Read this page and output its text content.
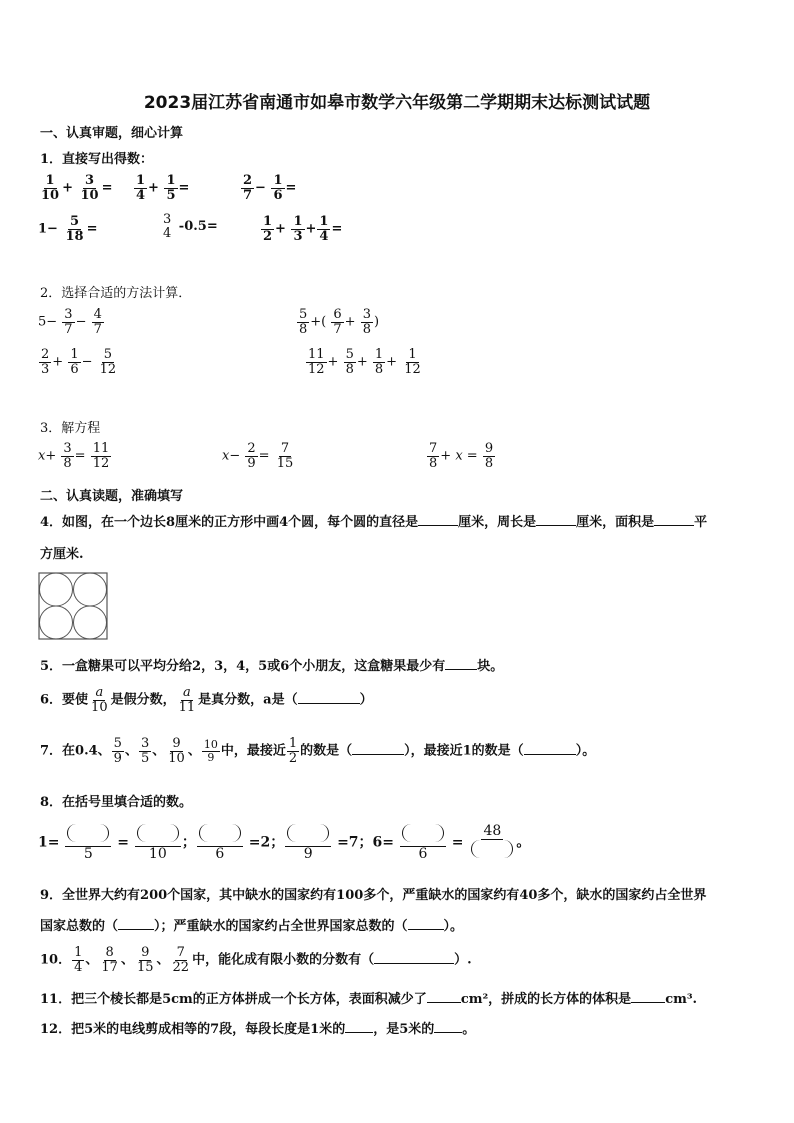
2023届江苏省南通市如皋市数学六年级第二学期期末达标测试试题
一、认真审题，细心计算
1．直接写出得数：
$\frac{1}{10} + \frac{3}{10} = \frac{1}{4} + \frac{1}{5}$ =	$\frac{2}{7} - \frac{1}{6}$ =
$1- \frac{5}{18}$ =
3
4 -0.5=	$\frac{1}{2} + \frac{1}{3} + \frac{1}{4}$ =
2．选择合适的方法计算．
$5- \frac{3}{7} - \frac{4}{7}$	$\frac{5}{8}$ +( $\frac{6}{7} + \frac{3}{8}$ )
$\frac{2}{3} + \frac{1}{6} - \frac{5}{12}$	$\frac{11}{12} + \frac{5}{8} + \frac{1}{8} + \frac{1}{12}$
3．解方程
$x+ \frac{3}{8} = \frac{11}{12}$	$x- \frac{2}{9} = \frac{7}{15}$	$\frac{7}{8} + x = \frac{9}{8}$
二、认真读题，准确填写
4．如图，在一个边长8厘米的正方形中画4个圆，每个圆的直径是	厘米，周长是	厘米，面积是	平
方厘米.
5．一盒糖果可以平均分给2，3，4，5或6个小朋友，这盒糖果最少有 块。
6．要使 $\frac{a}{10}$ 是假分数， $\frac{a}{11}$ 是真分数，a是（	）
7．在0.4、 $\frac{5}{9}$ 、 $\frac{3}{5}$ 、 $\frac{9}{10}$ 、 $\frac{10}{9}$ 中，最接近 $\frac{1}{2}$ 的数是（	），最接近1的数是（	）。
8．在括号里填合适的数。
1=
5
=
10
；
6
=2；
9
=7；6=
6
=
48
。
9．全世界大约有200个国家，其中缺水的国家约有100多个，严重缺水的国家约有40多个，缺水的国家约占全世界
国家总数的（	）；严重缺水的国家约占全世界国家总数的（	）。
10． $\frac{1}{4}$ 、 $\frac{8}{17}$ 、 $\frac{9}{15}$ 、 $\frac{7}{22}$ 中，能化成有限小数的分数有（	）.
11．把三个棱长都是5cm的正方体拼成一个长方体，表面积减少了	cm²，拼成的长方体的体积是	cm³.
12．把5米的电线剪成相等的7段，每段长度是1米的 ，是5米的 。
